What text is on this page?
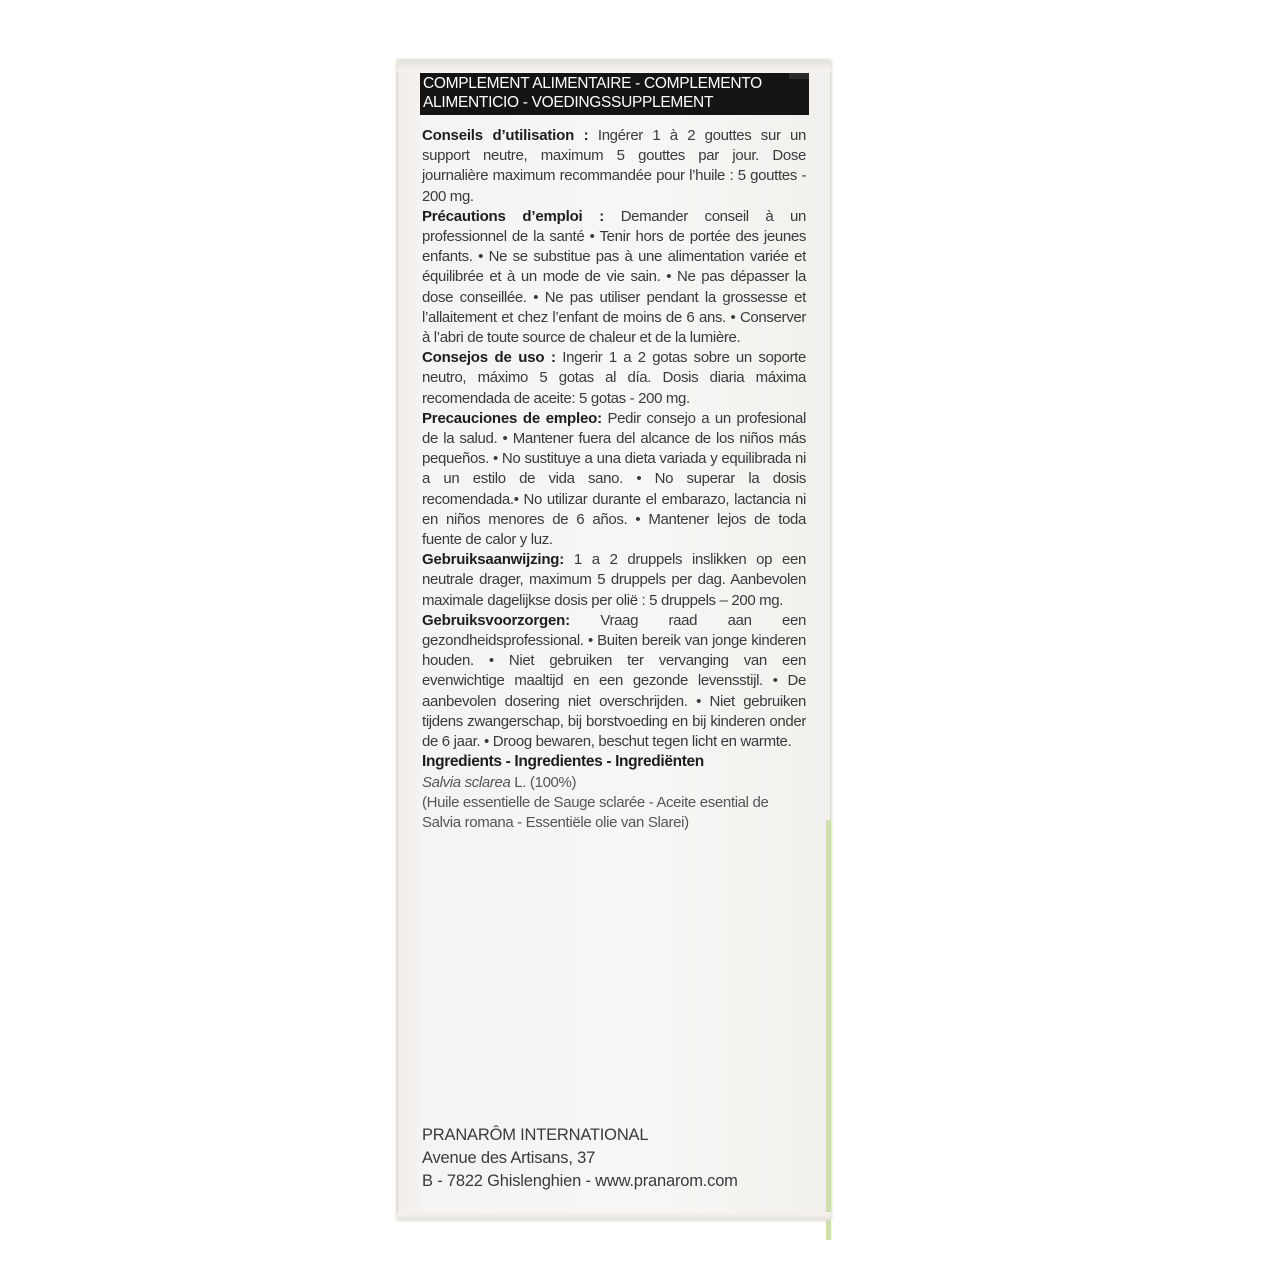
COMPLEMENT ALIMENTAIRE - COMPLEMENTO
ALIMENTICIO - VOEDINGSSUPPLEMENT

Conseils d’utilisation : Ingérer 1 à 2 gouttes sur un support neutre, maximum 5 gouttes par jour. Dose journalière maximum recommandée pour l’huile : 5 gouttes - 200 mg.

Précautions d’emploi : Demander conseil à un professionnel de la santé • Tenir hors de portée des jeunes enfants. • Ne se substitue pas à une alimentation variée et équilibrée et à un mode de vie sain. • Ne pas dépasser la dose conseillée. • Ne pas utiliser pendant la grossesse et l’allaitement et chez l’enfant de moins de 6 ans. • Conserver à l’abri de toute source de chaleur et de la lumière.

Consejos de uso : Ingerir 1 a 2 gotas sobre un soporte neutro, máximo 5 gotas al día. Dosis diaria máxima recomendada de aceite: 5 gotas - 200 mg.

Precauciones de empleo: Pedir consejo a un profesional de la salud. • Mantener fuera del alcance de los niños más pequeños. • No sustituye a una dieta variada y equilibrada ni a un estilo de vida sano. • No superar la dosis recomendada.• No utilizar durante el embarazo, lactancia ni en niños menores de 6 años. • Mantener lejos de toda fuente de calor y luz.

Gebruiksaanwijzing: 1 a 2 druppels inslikken op een neutrale drager, maximum 5 druppels per dag. Aanbevolen maximale dagelijkse dosis per olië : 5 druppels – 200 mg.

Gebruiksvoorzorgen: Vraag raad aan een gezondheidsprofessional. • Buiten bereik van jonge kinderen houden. • Niet gebruiken ter vervanging van een evenwichtige maaltijd en een gezonde levensstijl. • De aanbevolen dosering niet overschrijden. • Niet gebruiken tijdens zwangerschap, bij borstvoeding en bij kinderen onder de 6 jaar. • Droog bewaren, beschut tegen licht en warmte.

Ingredients - Ingredientes - Ingrediënten

Salvia sclarea L. (100%)

(Huile essentielle de Sauge sclarée - Aceite esential de Salvia romana - Essentiële olie van Slarei)

PRANARÔM INTERNATIONAL
Avenue des Artisans, 37
B - 7822 Ghislenghien - www.pranarom.com
